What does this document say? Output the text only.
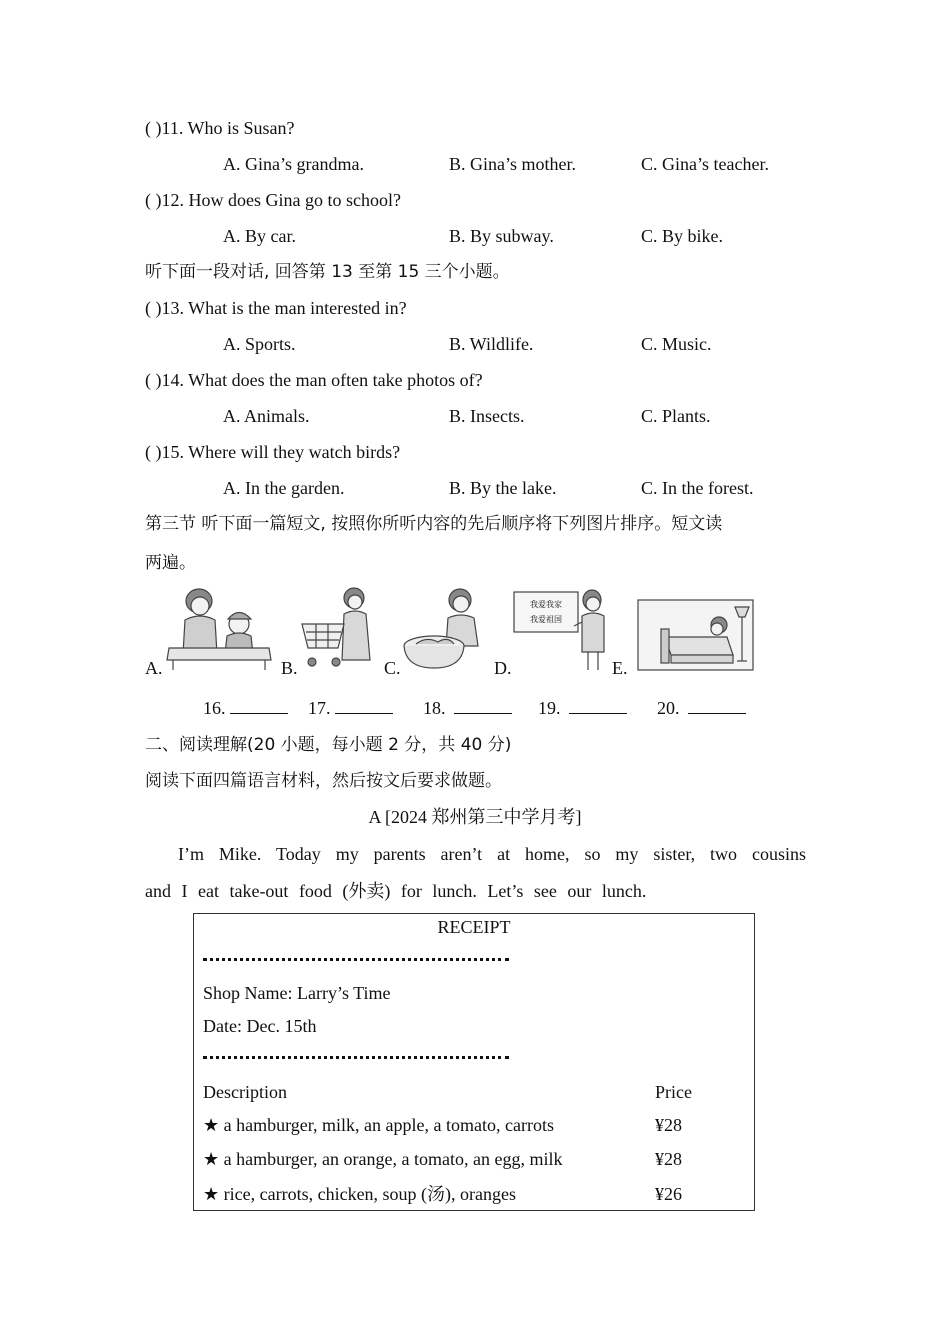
( )11. Who is Susan?
A. Gina’s grandma.	B. Gina’s mother.	C. Gina’s teacher.
( )12. How does Gina go to school?
A. By car.	B. By subway.	C. By bike.
听下面一段对话, 回答第 13 至第 15 三个小题。
( )13. What is the man interested in?
A. Sports.	B. Wildlife.	C. Music.
( )14. What does the man often take photos of?
A. Animals.	B. Insects.	C. Plants.
( )15. Where will they watch birds?
A. In the garden.	B. By the lake.	C. In the forest.
第三节 听下面一篇短文, 按照你所听内容的先后顺序将下列图片排序。短文读
两遍。
A.	B.	C.	D.	E.
我爱我家
我爱祖国
16.	17.	18.	19.	20.
二、阅读理解(20 小题，每小题 2 分，共 40 分)
阅读下面四篇语言材料，然后按文后要求做题。
A [2024 郑州第三中学月考]
I’m Mike. Today my parents aren’t at home, so my sister, two cousins
and I eat take-out food (外卖) for lunch. Let’s see our lunch.
RECEIPT
Shop Name: Larry’s Time
Date: Dec. 15th
Description	Price
★ a hamburger, milk, an apple, a tomato, carrots	¥28
★ a hamburger, an orange, a tomato, an egg, milk	¥28
★ rice, carrots, chicken, soup (汤), oranges	¥26
